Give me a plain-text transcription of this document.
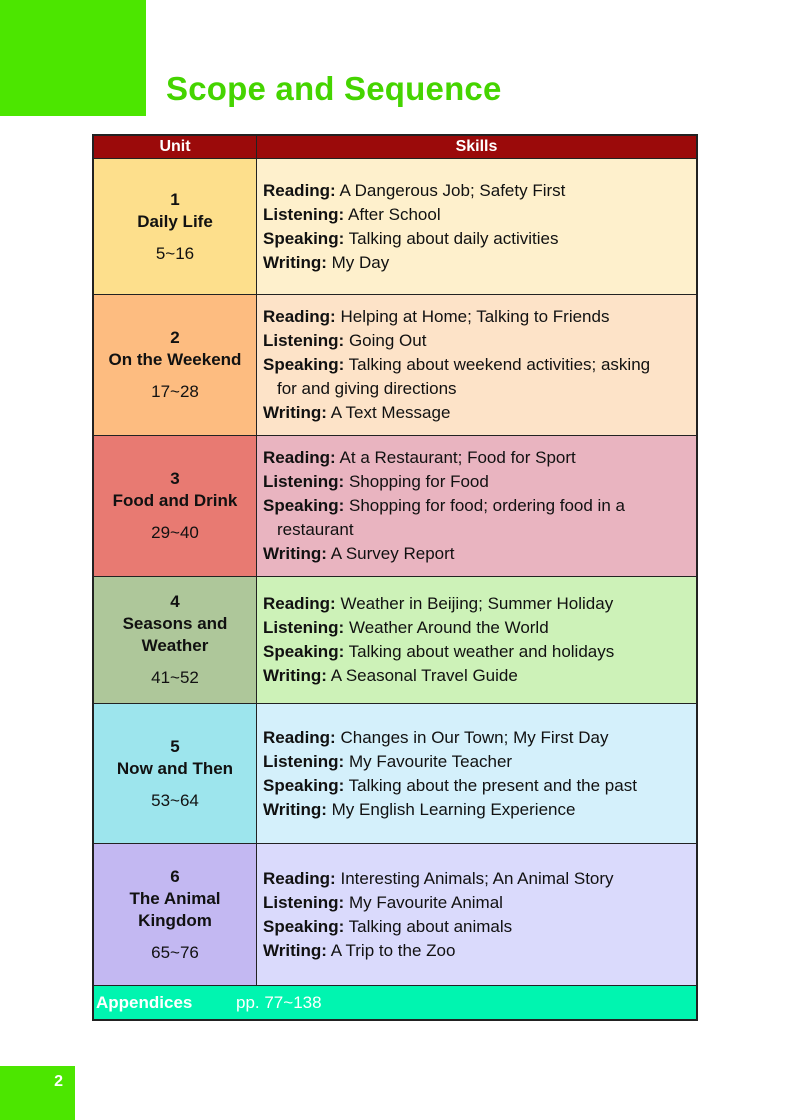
Scope and Sequence
Unit	Skills
1
Daily Life
5~16
Reading: A Dangerous Job; Safety First
Listening: After School
Speaking: Talking about daily activities
Writing: My Day
2
On the Weekend
17~28
Reading: Helping at Home; Talking to Friends
Listening: Going Out
Speaking: Talking about weekend activities; asking
for and giving directions
Writing: A Text Message
3
Food and Drink
29~40
Reading: At a Restaurant; Food for Sport
Listening: Shopping for Food
Speaking: Shopping for food; ordering food in a
restaurant
Writing: A Survey Report
4
Seasons and Weather
41~52
Reading: Weather in Beijing; Summer Holiday
Listening: Weather Around the World
Speaking: Talking about weather and holidays
Writing: A Seasonal Travel Guide
5
Now and Then
53~64
Reading: Changes in Our Town; My First Day
Listening: My Favourite Teacher
Speaking: Talking about the present and the past
Writing: My English Learning Experience
6
The Animal Kingdom
65~76
Reading: Interesting Animals; An Animal Story
Listening: My Favourite Animal
Speaking: Talking about animals
Writing: A Trip to the Zoo
Appendices	pp. 77~138
2
